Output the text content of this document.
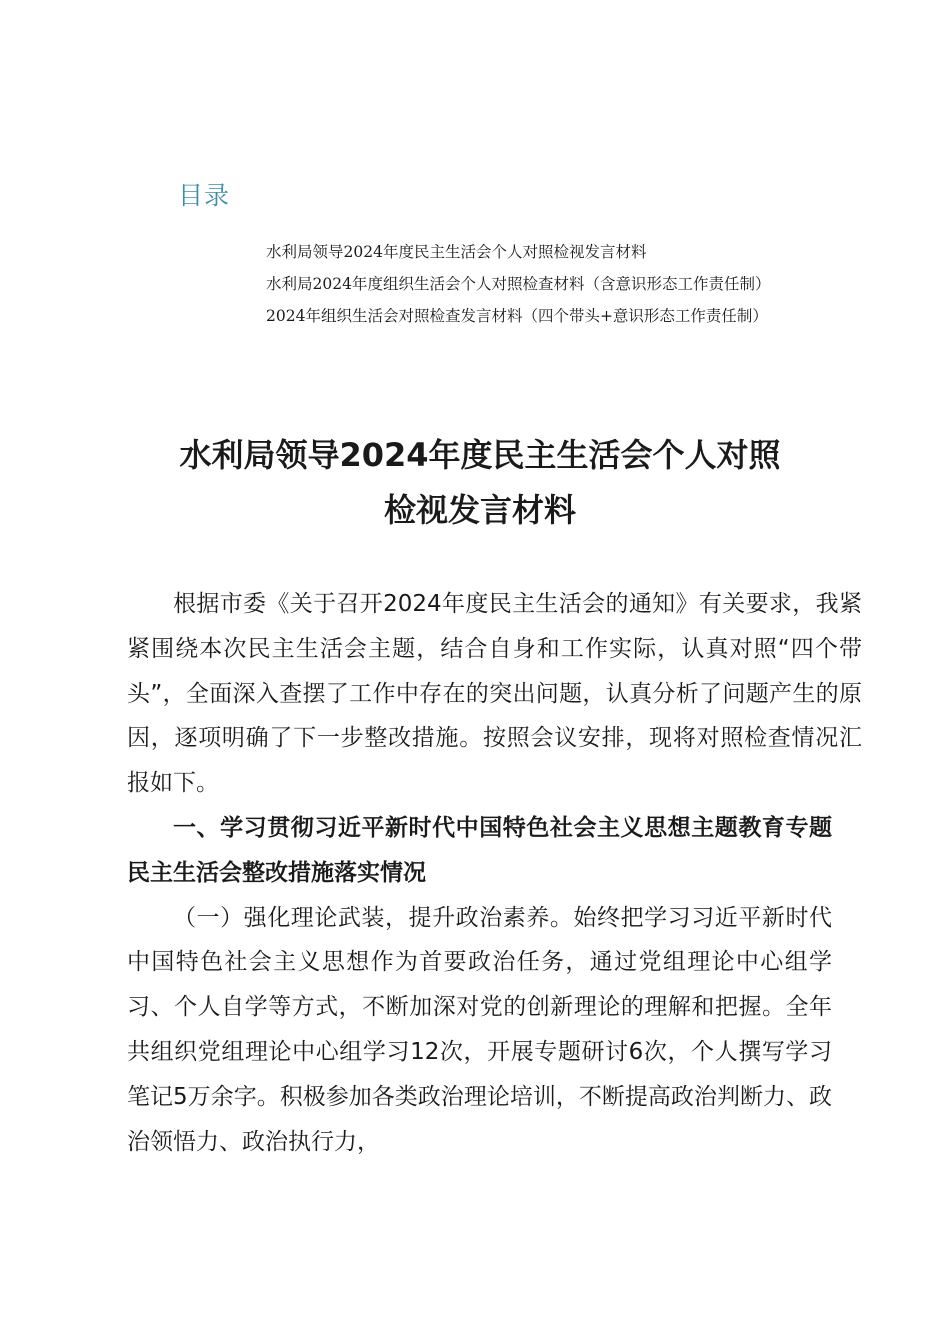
目录
水利局领导2024年度民主生活会个人对照检视发言材料
水利局2024年度组织生活会个人对照检查材料（含意识形态工作责任制）
2024年组织生活会对照检查发言材料（四个带头+意识形态工作责任制）
水利局领导2024年度民主生活会个人对照
检视发言材料

根据市委《关于召开2024年度民主生活会的通知》有关要求，我紧紧围绕本次民主生活会主题，结合自身和工作实际，认真对照“四个带头”，全面深入查摆了工作中存在的突出问题，认真分析了问题产生的原因，逐项明确了下一步整改措施。按照会议安排，现将对照检查情况汇报如下。

一、学习贯彻习近平新时代中国特色社会主义思想主题教育专题民主生活会整改措施落实情况

（一）强化理论武装，提升政治素养。始终把学习习近平新时代中国特色社会主义思想作为首要政治任务，通过党组理论中心组学习、个人自学等方式，不断加深对党的创新理论的理解和把握。全年共组织党组理论中心组学习12次，开展专题研讨6次，个人撰写学习笔记5万余字。积极参加各类政治理论培训，不断提高政治判断力、政治领悟力、政治执行力，
